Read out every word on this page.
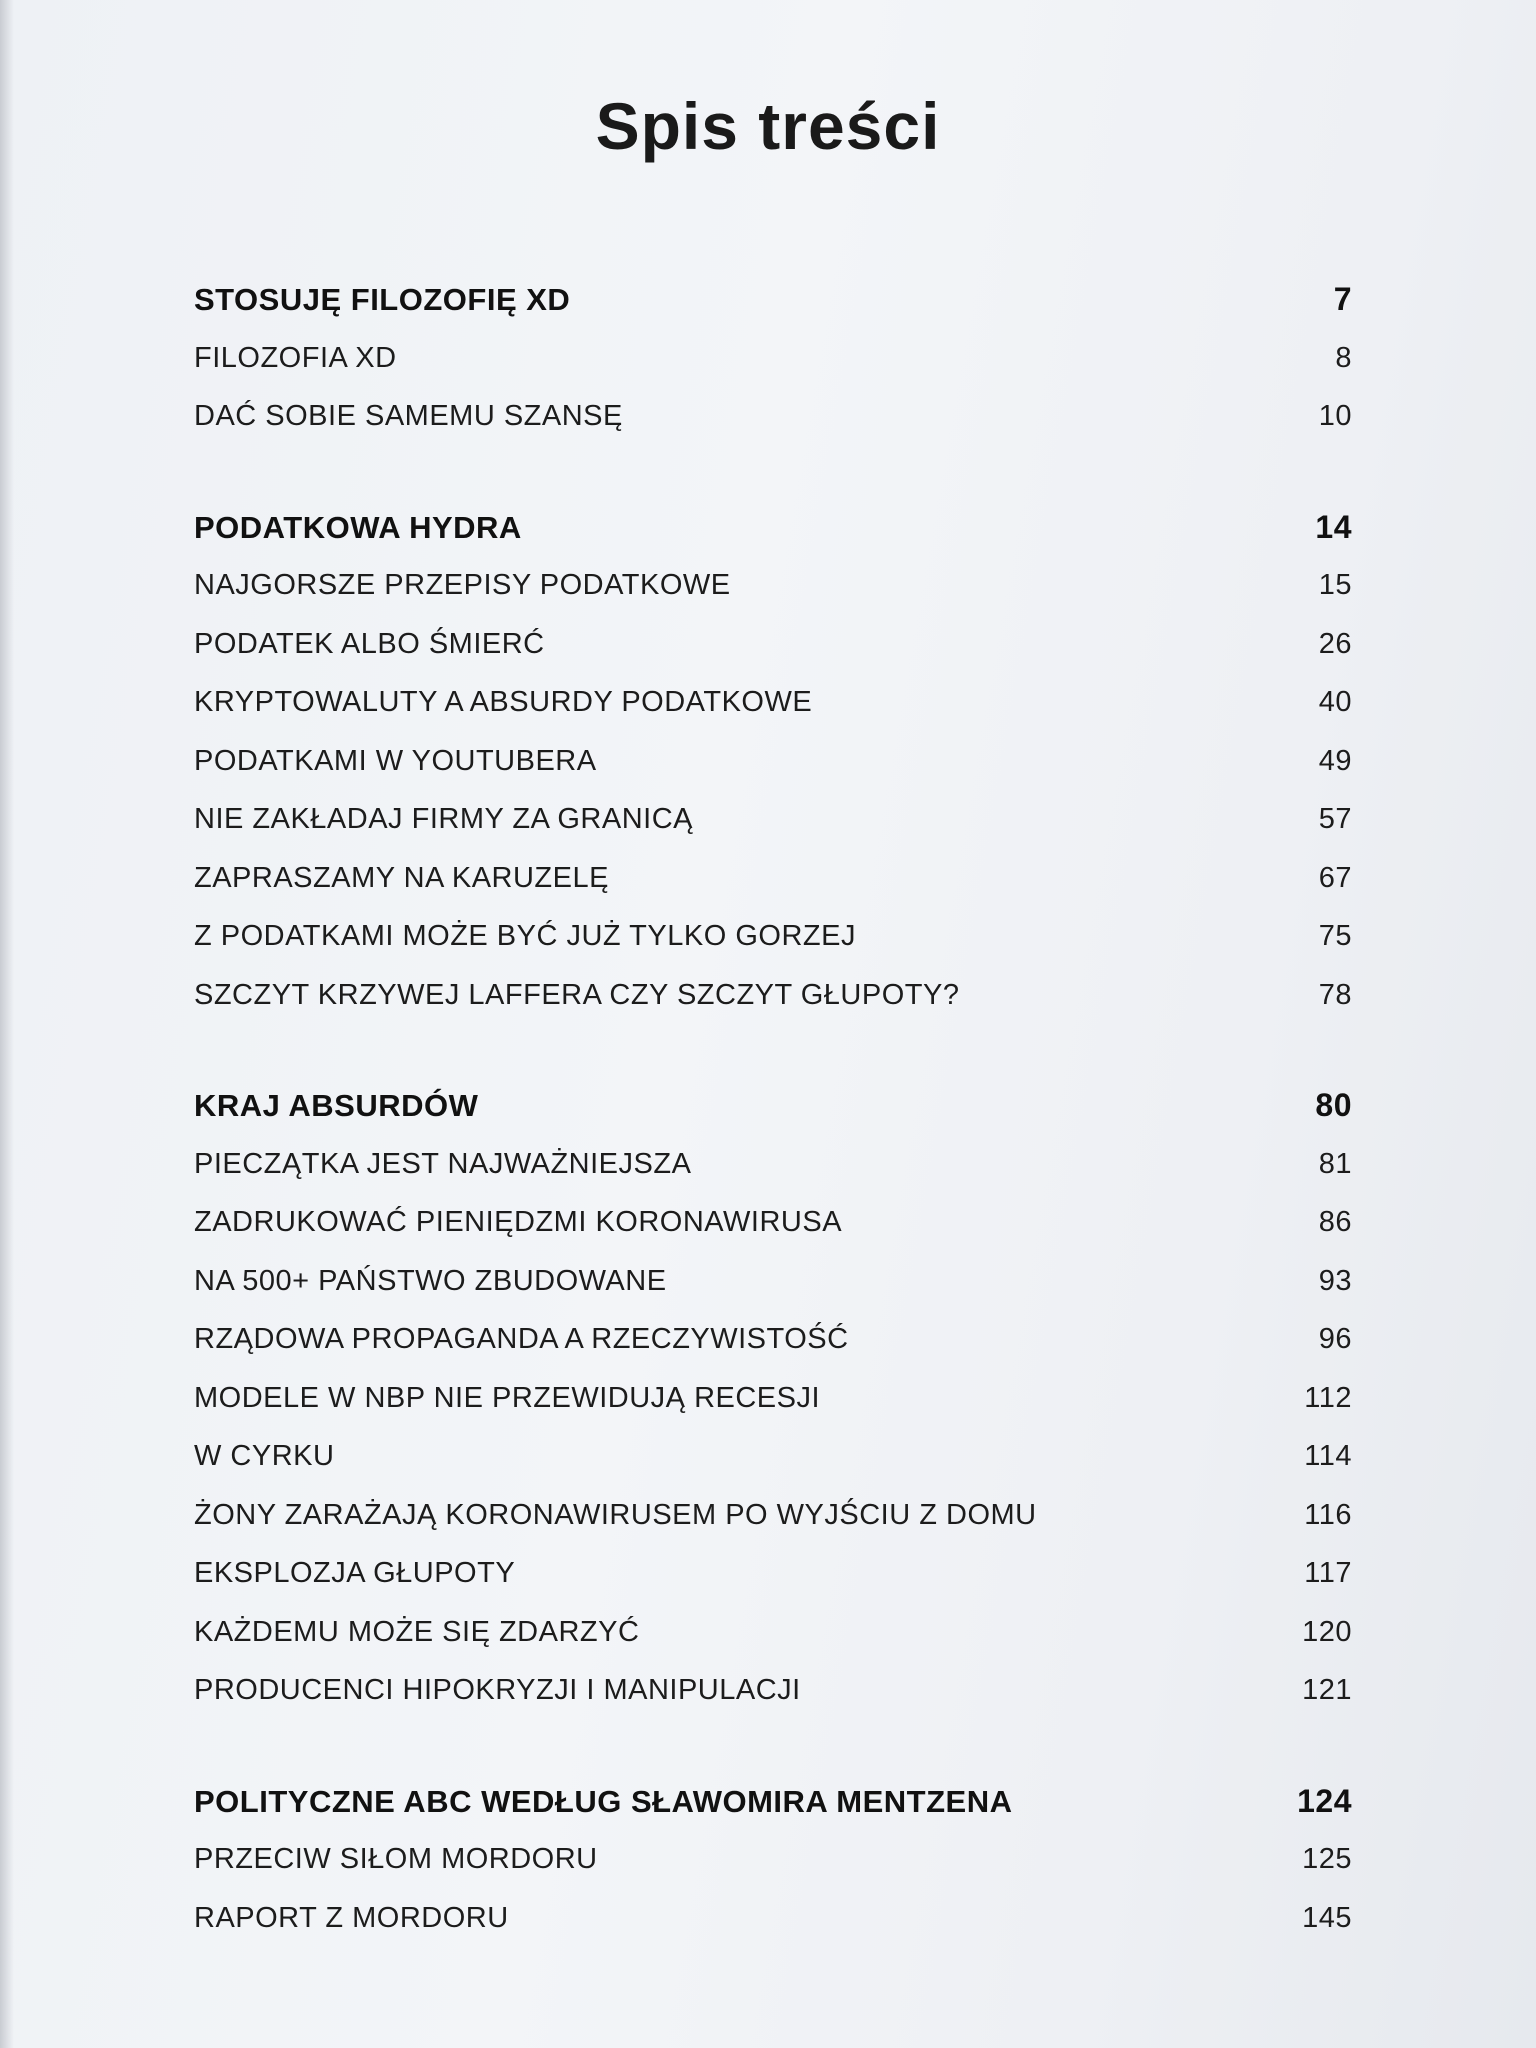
Spis treści
STOSUJĘ FILOZOFIĘ XD	7
FILOZOFIA XD	8
DAĆ SOBIE SAMEMU SZANSĘ	10
PODATKOWA HYDRA	14
NAJGORSZE PRZEPISY PODATKOWE	15
PODATEK ALBO ŚMIERĆ	26
KRYPTOWALUTY A ABSURDY PODATKOWE	40
PODATKAMI W YOUTUBERA	49
NIE ZAKŁADAJ FIRMY ZA GRANICĄ	57
ZAPRASZAMY NA KARUZELĘ	67
Z PODATKAMI MOŻE BYĆ JUŻ TYLKO GORZEJ	75
SZCZYT KRZYWEJ LAFFERA CZY SZCZYT GŁUPOTY?	78
KRAJ ABSURDÓW	80
PIECZĄTKA JEST NAJWAŻNIEJSZA	81
ZADRUKOWAĆ PIENIĘDZMI KORONAWIRUSA	86
NA 500+ PAŃSTWO ZBUDOWANE	93
RZĄDOWA PROPAGANDA A RZECZYWISTOŚĆ	96
MODELE W NBP NIE PRZEWIDUJĄ RECESJI	112
W CYRKU	114
ŻONY ZARAŻAJĄ KORONAWIRUSEM PO WYJŚCIU Z DOMU	116
EKSPLOZJA GŁUPOTY	117
KAŻDEMU MOŻE SIĘ ZDARZYĆ	120
PRODUCENCI HIPOKRYZJI I MANIPULACJI	121
POLITYCZNE ABC WEDŁUG SŁAWOMIRA MENTZENA	124
PRZECIW SIŁOM MORDORU	125
RAPORT Z MORDORU	145
